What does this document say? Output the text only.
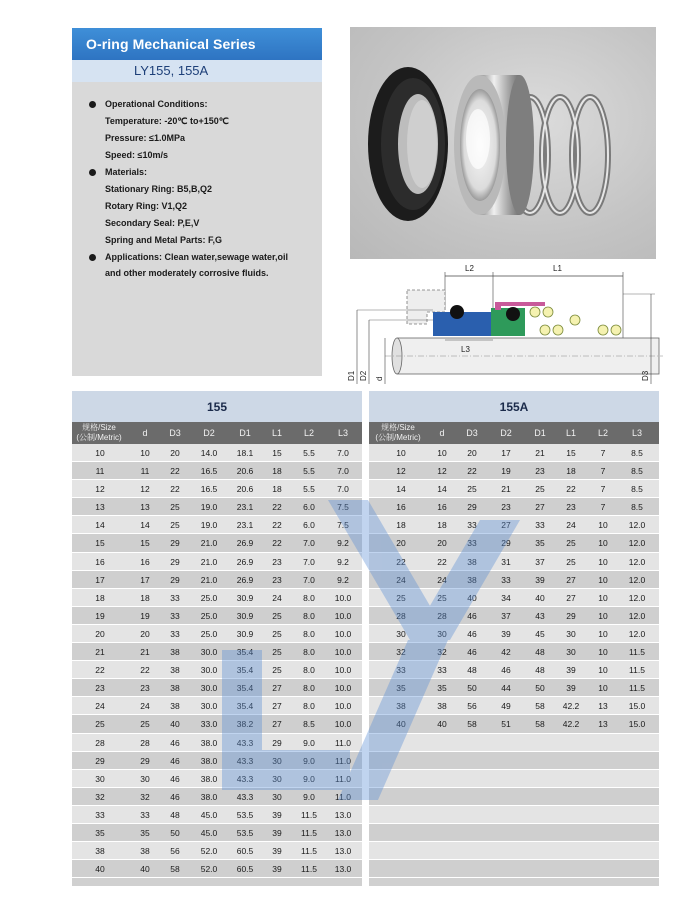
O-ring Mechanical Series
LY155, 155A
Operational Conditions:
Temperature: -20℃ to+150℃
Pressure: ≤1.0MPa
Speed: ≤10m/s
Materials:
Stationary Ring: B5,B,Q2
Rotary Ring: V1,Q2
Secondary Seal: P,E,V
Spring and Metal Parts: F,G
Applications: Clean water,sewage water,oil
and other moderately corrosive fluids.	L2	L1
L3
D1 D2 d	D3
155
规格/Size
(公制/Metric)	d	D3	D2	D1	L1	L2	L3
10	10	20	14.0	18.1	15	5.5	7.0
11	11	22	16.5	20.6	18	5.5	7.0
12	12	22	16.5	20.6	18	5.5	7.0
13	13	25	19.0	23.1	22	6.0	7.5
14	14	25	19.0	23.1	22	6.0	7.5
15	15	29	21.0	26.9	22	7.0	9.2
16	16	29	21.0	26.9	23	7.0	9.2
17	17	29	21.0	26.9	23	7.0	9.2
18	18	33	25.0	30.9	24	8.0	10.0
19	19	33	25.0	30.9	25	8.0	10.0
20	20	33	25.0	30.9	25	8.0	10.0
21	21	38	30.0	35.4	25	8.0	10.0
22	22	38	30.0	35.4	25	8.0	10.0
23	23	38	30.0	35.4	27	8.0	10.0
24	24	38	30.0	35.4	27	8.0	10.0
25	25	40	33.0	38.2	27	8.5	10.0
28	28	46	38.0	43.3	29	9.0	11.0
29	29	46	38.0	43.3	30	9.0	11.0
30	30	46	38.0	43.3	30	9.0	11.0
32	32	46	38.0	43.3	30	9.0	11.0
33	33	48	45.0	53.5	39	11.5	13.0
35	35	50	45.0	53.5	39	11.5	13.0
38	38	56	52.0	60.5	39	11.5	13.0
40	40	58	52.0	60.5	39	11.5	13.0
155A
规格/Size
(公制/Metric)	d	D3	D2	D1	L1	L2	L3
10	10	20	17	21	15	7	8.5
12	12	22	19	23	18	7	8.5
14	14	25	21	25	22	7	8.5
16	16	29	23	27	23	7	8.5
18	18	33	27	33	24	10	12.0
20	20	33	29	35	25	10	12.0
22	22	38	31	37	25	10	12.0
24	24	38	33	39	27	10	12.0
25	25	40	34	40	27	10	12.0
28	28	46	37	43	29	10	12.0
30	30	46	39	45	30	10	12.0
32	32	46	42	48	30	10	11.5
33	33	48	46	48	39	10	11.5
35	35	50	44	50	39	10	11.5
38	38	56	49	58	42.2	13	15.0
40	40	58	51	58	42.2	13	15.0
